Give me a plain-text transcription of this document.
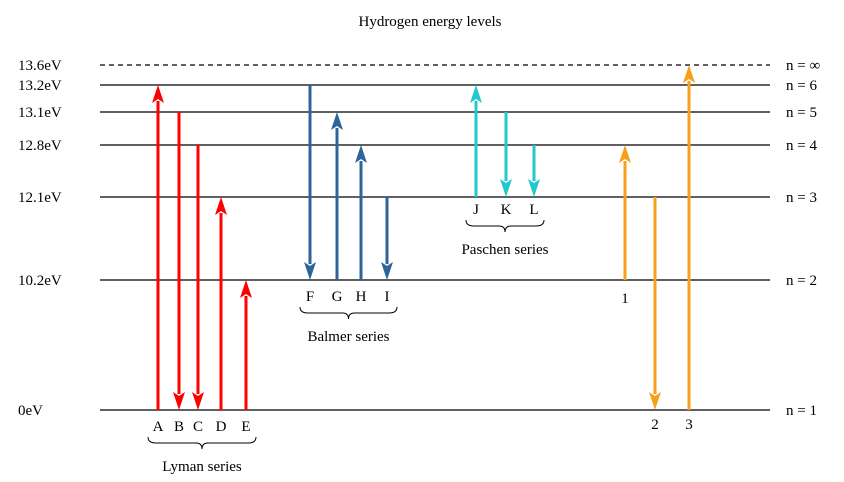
Hydrogen energy levels
13.6eV	n = ∞
13.2eV	n = 6
13.1eV	n = 5
12.8eV	n = 4
12.1eV	n = 3
10.2eV	n = 2
0eV	n = 1
A B C D E
F G H I
J K L
1
2 3
Lyman series
Balmer series
Paschen series
